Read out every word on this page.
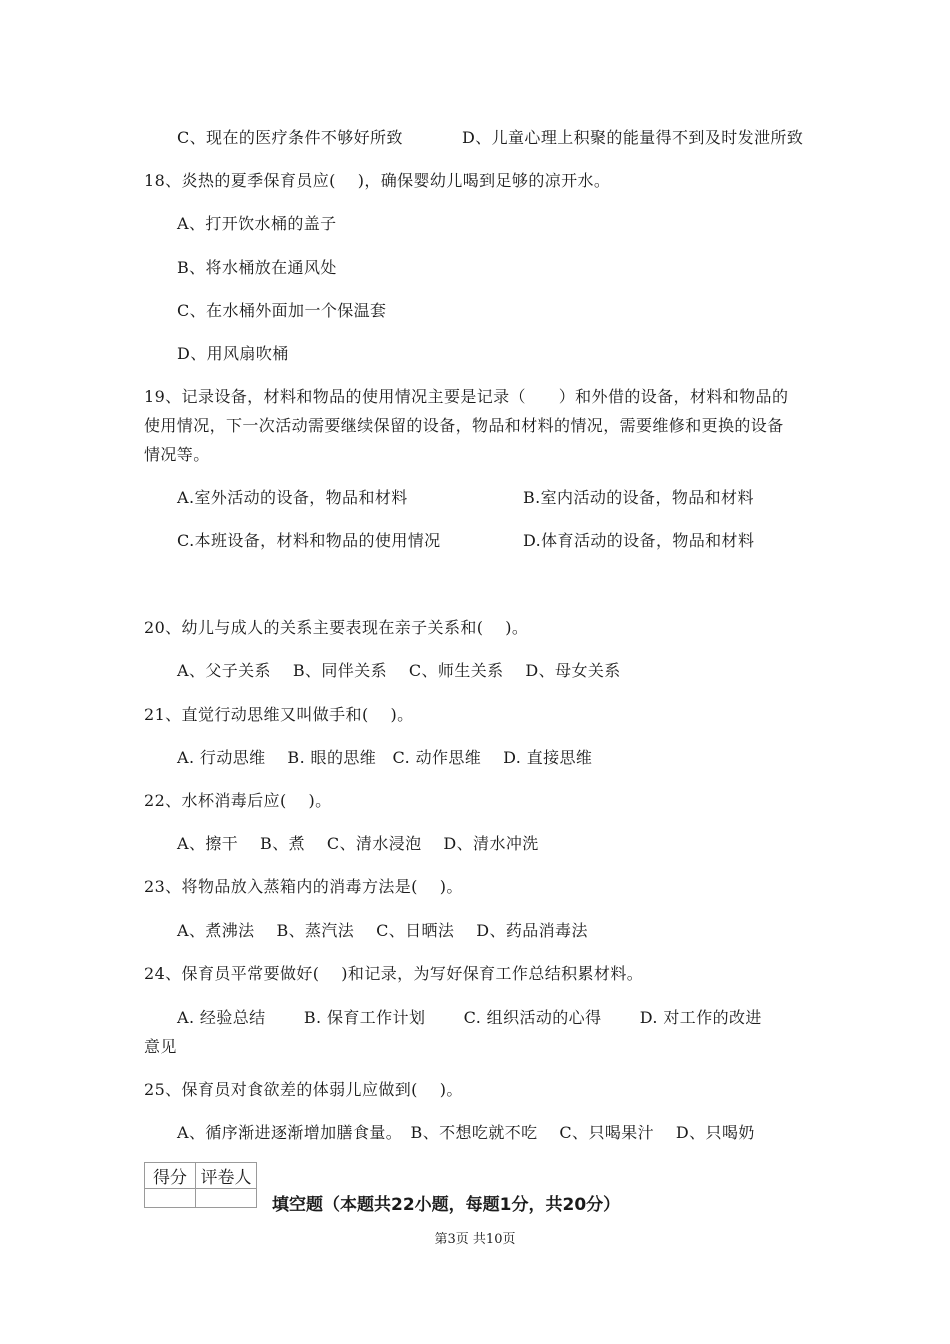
C、现在的医疗条件不够好所致	D、儿童心理上积聚的能量得不到及时发泄所致
18、炎热的夏季保育员应(　 )，确保婴幼儿喝到足够的凉开水。
A、打开饮水桶的盖子
B、将水桶放在通风处
C、在水桶外面加一个保温套
D、用风扇吹桶
19、记录设备，材料和物品的使用情况主要是记录（　　）和外借的设备，材料和物品的
使用情况，下一次活动需要继续保留的设备，物品和材料的情况，需要维修和更换的设备
情况等。
A.室外活动的设备，物品和材料	B.室内活动的设备，物品和材料
C.本班设备，材料和物品的使用情况	D.体育活动的设备，物品和材料
20、幼儿与成人的关系主要表现在亲子关系和(　 )。
A、父子关系　 B、同伴关系　 C、师生关系　 D、母女关系
21、直觉行动思维又叫做手和(　 )。
A. 行动思维　 B. 眼的思维　C. 动作思维　 D. 直接思维
22、水杯消毒后应(　 )。
A、擦干　 B、煮　 C、清水浸泡　 D、清水冲洗
23、将物品放入蒸箱内的消毒方法是(　 )。
A、煮沸法　 B、蒸汽法　 C、日晒法　 D、药品消毒法
24、保育员平常要做好(　 )和记录，为写好保育工作总结积累材料。
A. 经验总结　　 B. 保育工作计划　　 C. 组织活动的心得　　 D. 对工作的改进
意见
25、保育员对食欲差的体弱儿应做到(　 )。
A、循序渐进逐渐增加膳食量。　B、不想吃就不吃　 C、只喝果汁　 D、只喝奶
得分	评卷人

填空题（本题共22小题，每题1分，共20分）
第3页 共10页
